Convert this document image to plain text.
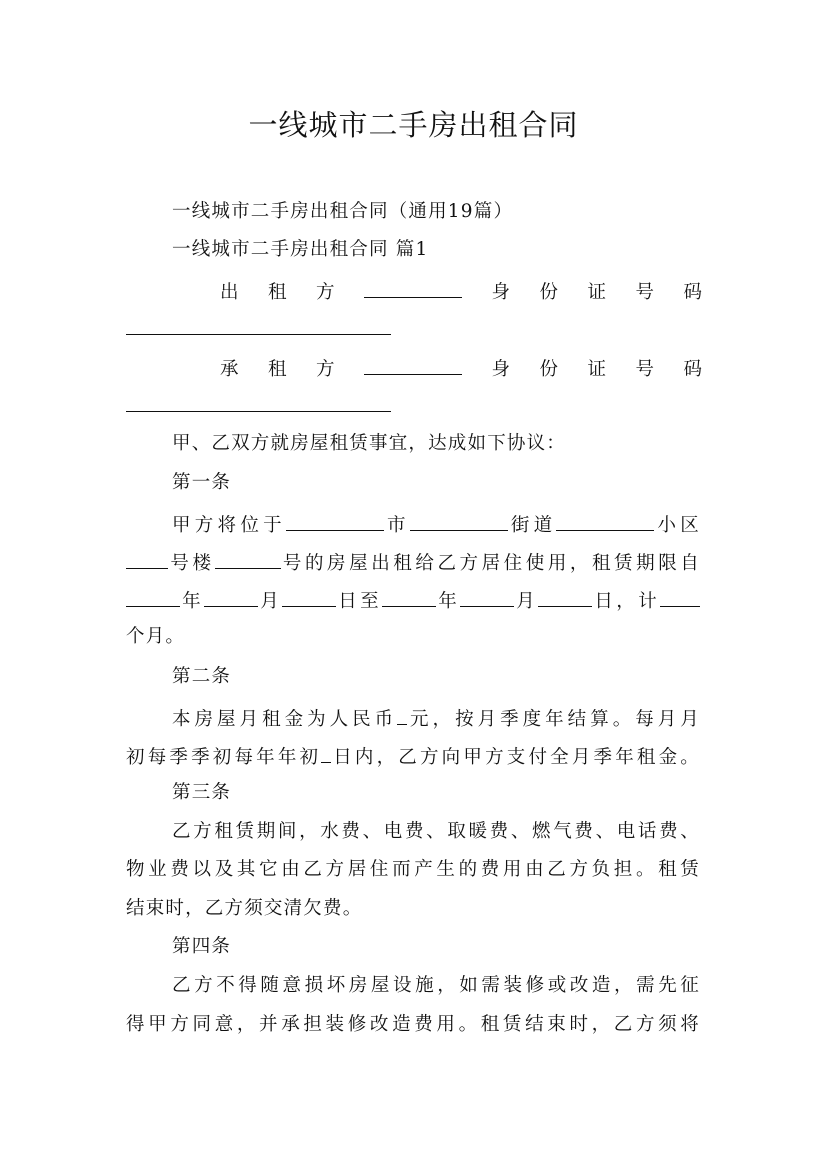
一线城市二手房出租合同
一线城市二手房出租合同（通用19篇）
一线城市二手房出租合同 篇1
出 租 方	身 份 证 号 码
承 租 方	身 份 证 号 码
甲、乙双方就房屋租赁事宜，达成如下协议：
第一条
甲方将位于	市	街道	小区
号楼	号的房屋出租给乙方居住使用，租赁期限自
年	月	日至	年	月	日，计
个月。
第二条
本房屋月租金为人民币 元，按月季度年结算。每月月
初每季季初每年年初 日内，乙方向甲方支付全月季年租金。
第三条
乙方租赁期间，水费、电费、取暖费、燃气费、电话费、
物业费以及其它由乙方居住而产生的费用由乙方负担。租赁
结束时，乙方须交清欠费。
第四条
乙方不得随意损坏房屋设施，如需装修或改造，需先征
得甲方同意，并承担装修改造费用。租赁结束时，乙方须将
